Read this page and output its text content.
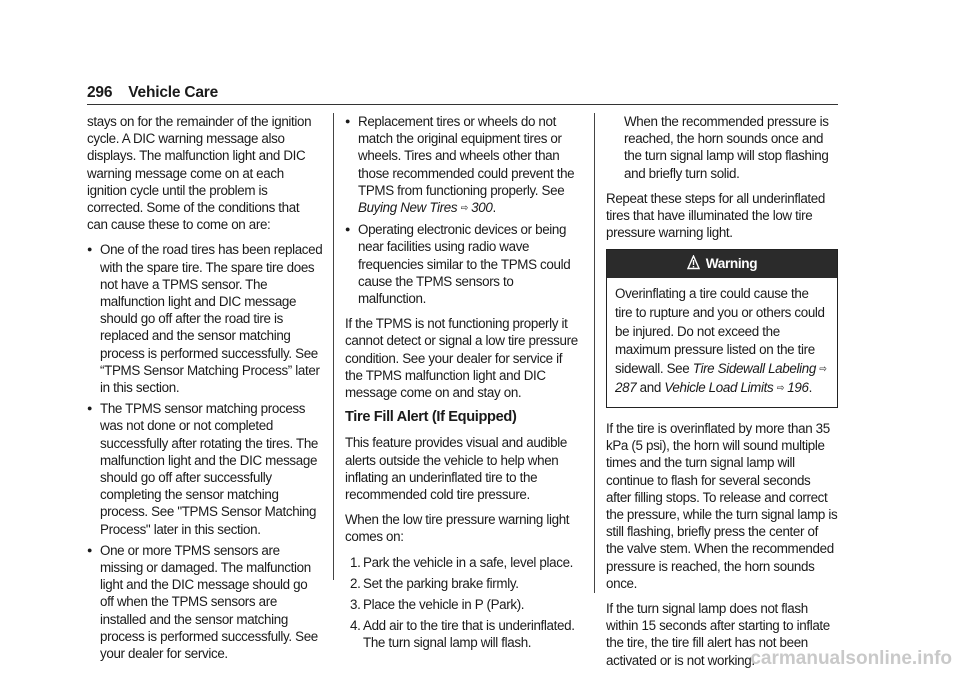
296 Vehicle Care

stays on for the remainder of the ignition cycle. A DIC warning message also displays. The malfunction light and DIC warning message come on at each ignition cycle until the problem is corrected. Some of the conditions that can cause these to come on are:

● One of the road tires has been replaced with the spare tire. The spare tire does not have a TPMS sensor. The malfunction light and DIC message should go off after the road tire is replaced and the sensor matching process is performed successfully. See “TPMS Sensor Matching Process” later in this section.
● The TPMS sensor matching process was not done or not completed successfully after rotating the tires. The malfunction light and the DIC message should go off after successfully completing the sensor matching process. See "TPMS Sensor Matching Process" later in this section.
● One or more TPMS sensors are missing or damaged. The malfunction light and the DIC message should go off when the TPMS sensors are installed and the sensor matching process is performed successfully. See your dealer for service.
● Replacement tires or wheels do not match the original equipment tires or wheels. Tires and wheels other than those recommended could prevent the TPMS from functioning properly. See Buying New Tires ⇨ 300.
● Operating electronic devices or being near facilities using radio wave frequencies similar to the TPMS could cause the TPMS sensors to malfunction.

If the TPMS is not functioning properly it cannot detect or signal a low tire pressure condition. See your dealer for service if the TPMS malfunction light and DIC message come on and stay on.

Tire Fill Alert (If Equipped)

This feature provides visual and audible alerts outside the vehicle to help when inflating an underinflated tire to the recommended cold tire pressure.

When the low tire pressure warning light comes on:

1. Park the vehicle in a safe, level place.
2. Set the parking brake firmly.
3. Place the vehicle in P (Park).
4. Add air to the tire that is underinflated. The turn signal lamp will flash.

When the recommended pressure is reached, the horn sounds once and the turn signal lamp will stop flashing and briefly turn solid.

Repeat these steps for all underinflated tires that have illuminated the low tire pressure warning light.

Warning
Overinflating a tire could cause the tire to rupture and you or others could be injured. Do not exceed the maximum pressure listed on the tire sidewall. See Tire Sidewall Labeling ⇨ 287 and Vehicle Load Limits ⇨ 196.

If the tire is overinflated by more than 35 kPa (5 psi), the horn will sound multiple times and the turn signal lamp will continue to flash for several seconds after filling stops. To release and correct the pressure, while the turn signal lamp is still flashing, briefly press the center of the valve stem. When the recommended pressure is reached, the horn sounds once.

If the turn signal lamp does not flash within 15 seconds after starting to inflate the tire, the tire fill alert has not been activated or is not working.

carmanualsonline.info
